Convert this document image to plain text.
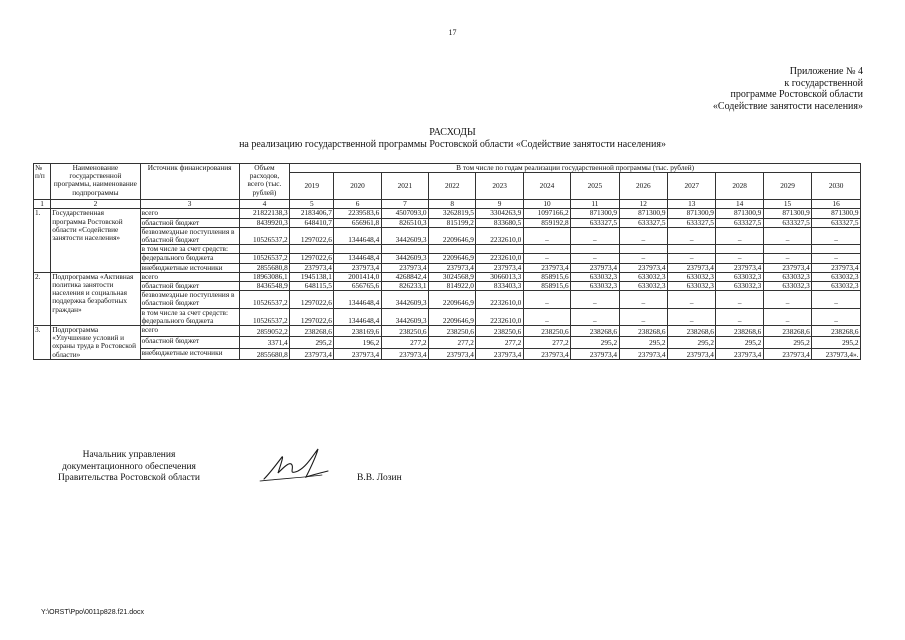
17
Приложение № 4
к государственной
программе Ростовской области
«Содействие занятости населения»
РАСХОДЫ
на реализацию государственной программы Ростовской области «Содействие занятости населения»
№ п/п	Наименование государственной программы, наименование подпрограммы	Источник финансирования	Объем расходов, всего (тыс. рублей)	В том числе по годам реализации государственной программы (тыс. рублей)											
				2019	2020	2021	2022	2023	2024	2025	2026	2027	2028	2029	2030
1	2	3	4	5	6	7	8	9	10	11	12	13	14	15	16
1.	Государственная программа Ростовской области «Содействие занятости населения»	всего	21822138,3	2183406,7	2239583,6	4507093,0	3262819,5	3304263,9	1097166,2	871300,9	871300,9	871300,9	871300,9	871300,9	871300,9
		областной бюджет	8439920,3	648410,7	656961,8	826510,3	815199,2	833680,5	859192,8	633327,5	633327,5	633327,5	633327,5	633327,5	633327,5
		безвозмездные поступления в областной бюджет	10526537,2	1297022,6	1344648,4	3442609,3	2209646,9	2232610,0	–	–	–	–	–	–	–
		в том числе за счет средств:													
		федерального бюджета	10526537,2	1297022,6	1344648,4	3442609,3	2209646,9	2232610,0	–	–	–	–	–	–	–
		внебюджетные источники	2855680,8	237973,4	237973,4	237973,4	237973,4	237973,4	237973,4	237973,4	237973,4	237973,4	237973,4	237973,4	237973,4
2.	Подпрограмма «Активная политика занятости населения и социальная поддержка безработных граждан»	всего	18963086,1	1945138,1	2001414,0	4268842,4	3024568,9	3066013,3	858915,6	633032,3	633032,3	633032,3	633032,3	633032,3	633032,3
		областной бюджет	8436548,9	648115,5	656765,6	826233,1	814922,0	833403,3	858915,6	633032,3	633032,3	633032,3	633032,3	633032,3	633032,3
		безвозмездные поступления в областной бюджет	10526537,2	1297022,6	1344648,4	3442609,3	2209646,9	2232610,0	–	–	–	–	–	–	–
		в том числе за счет средств: федерального бюджета	10526537,2	1297022,6	1344648,4	3442609,3	2209646,9	2232610,0	–	–	–	–	–	–	–
3.	Подпрограмма «Улучшение условий и охраны труда в Ростовской области»	всего	2859052,2	238268,6	238169,6	238250,6	238250,6	238250,6	238250,6	238268,6	238268,6	238268,6	238268,6	238268,6	238268,6
		областной бюджет	3371,4	295,2	196,2	277,2	277,2	277,2	277,2	295,2	295,2	295,2	295,2	295,2	295,2
		внебюджетные источники	2855680,8	237973,4	237973,4	237973,4	237973,4	237973,4	237973,4	237973,4	237973,4	237973,4	237973,4	237973,4	237973,4».
Начальник управления
документационного обеспечения
Правительства Ростовской области	В.В. Лозин
Y:\ORST\Ppo\0011p828.f21.docx
